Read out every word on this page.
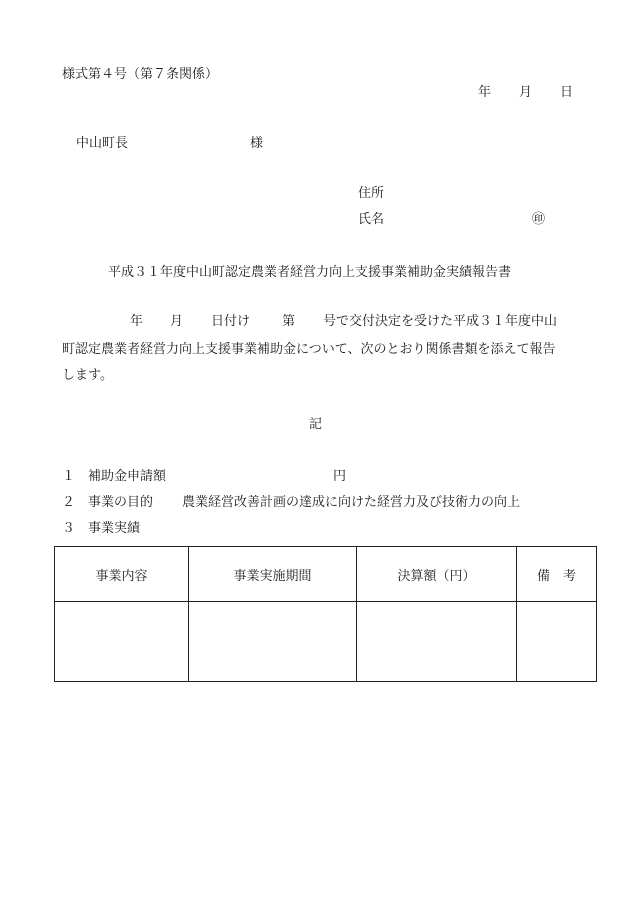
様式第４号（第７条関係）
年 月 日
中山町長	様
住所
氏名	㊞
平成３１年度中山町認定農業者経営力向上支援事業補助金実績報告書
年 月 日付け 第 号で交付決定を受けた平成３１年度中山
町認定農業者経営力向上支援事業補助金について、次のとおり関係書類を添えて報告
します。
記
１ 補助金申請額	円
２ 事業の目的 農業経営改善計画の達成に向けた経営力及び技術力の向上
３ 事業実績
事業内容	事業実施期間	決算額（円）	備　考
